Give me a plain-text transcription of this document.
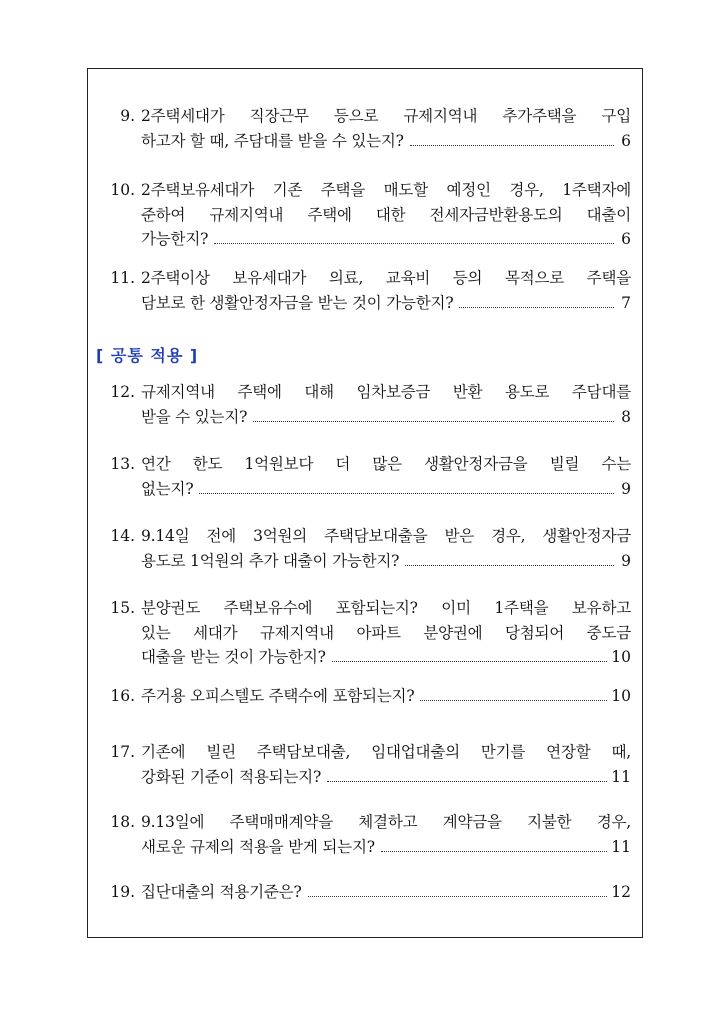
[ 공통 적용 ]
9. 2주택세대가 직장근무 등으로 규제지역내 추가주택을 구입
하고자 할 때, 주담대를 받을 수 있는지?	6
10. 2주택보유세대가 기존 주택을 매도할 예정인 경우, 1주택자에
준하여 규제지역내 주택에 대한 전세자금반환용도의 대출이
가능한지?	6
11. 2주택이상 보유세대가 의료, 교육비 등의 목적으로 주택을
담보로 한 생활안정자금을 받는 것이 가능한지?	7
12. 규제지역내 주택에 대해 임차보증금 반환 용도로 주담대를
받을 수 있는지?	8
13. 연간 한도 1억원보다 더 많은 생활안정자금을 빌릴 수는
없는지?	9
14. 9.14일 전에 3억원의 주택담보대출을 받은 경우, 생활안정자금
용도로 1억원의 추가 대출이 가능한지?	9
15. 분양권도 주택보유수에 포함되는지? 이미 1주택을 보유하고
있는 세대가 규제지역내 아파트 분양권에 당첨되어 중도금
대출을 받는 것이 가능한지?	10
16. 주거용 오피스텔도 주택수에 포함되는지?	10
17. 기존에 빌린 주택담보대출, 임대업대출의 만기를 연장할 때,
강화된 기준이 적용되는지?	11
18. 9.13일에 주택매매계약을 체결하고 계약금을 지불한 경우,
새로운 규제의 적용을 받게 되는지?	11
19. 집단대출의 적용기준은?	12
